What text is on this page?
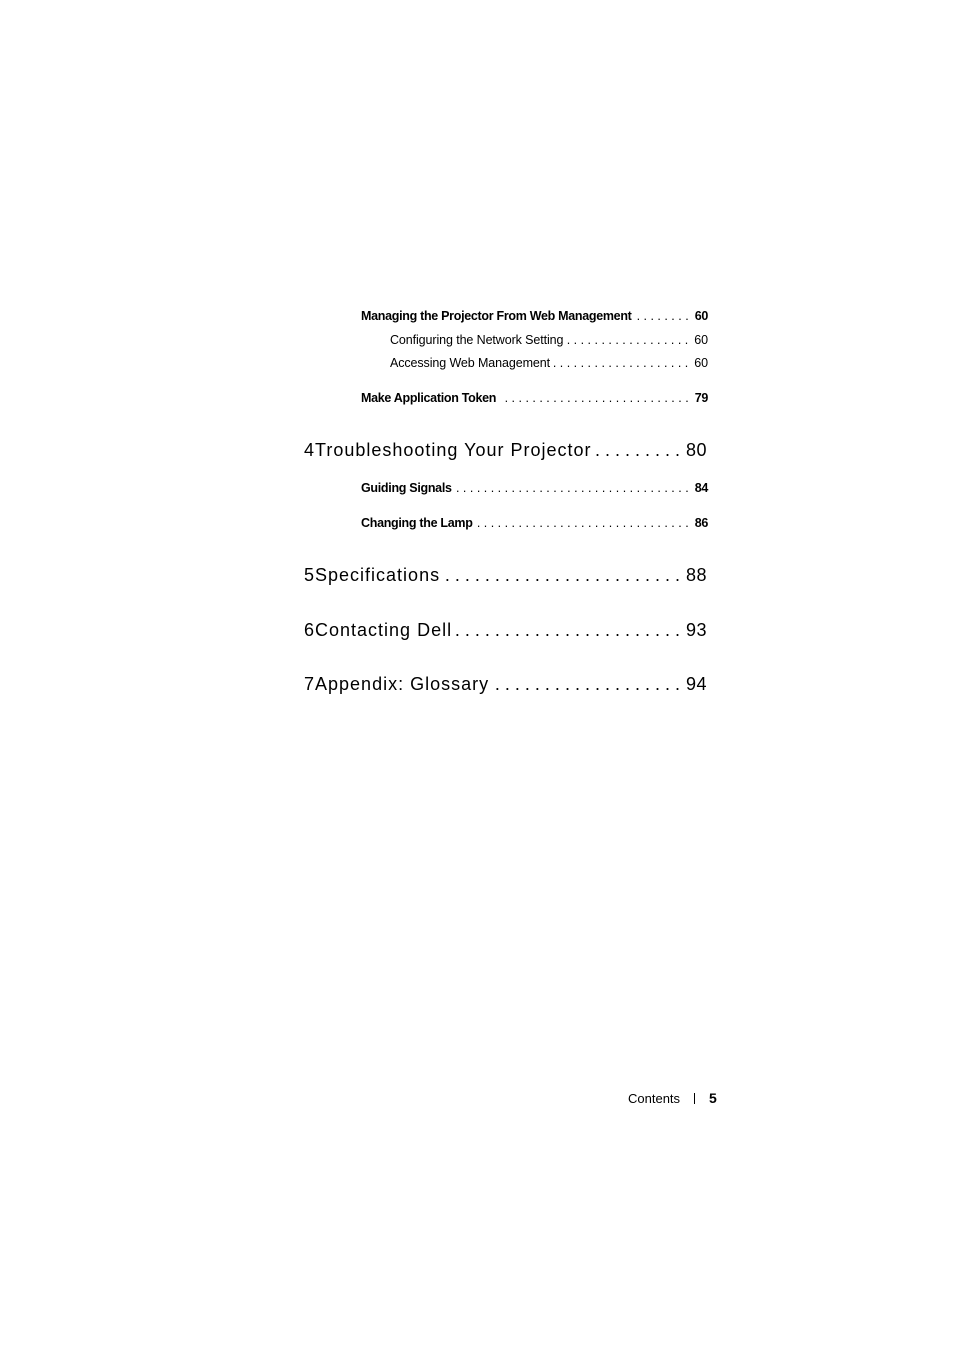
Managing the Projector From Web Management . . .	60
Configuring the Network Setting . . .	60
Accessing Web Management . . .	60
Make Application Token . . .	79
4 Troubleshooting Your Projector . . .	80
Guiding Signals . . .	84
Changing the Lamp . . .	86
5 Specifications . . .	88
6 Contacting Dell . . .	93
7 Appendix: Glossary . . .	94
Contents 5
